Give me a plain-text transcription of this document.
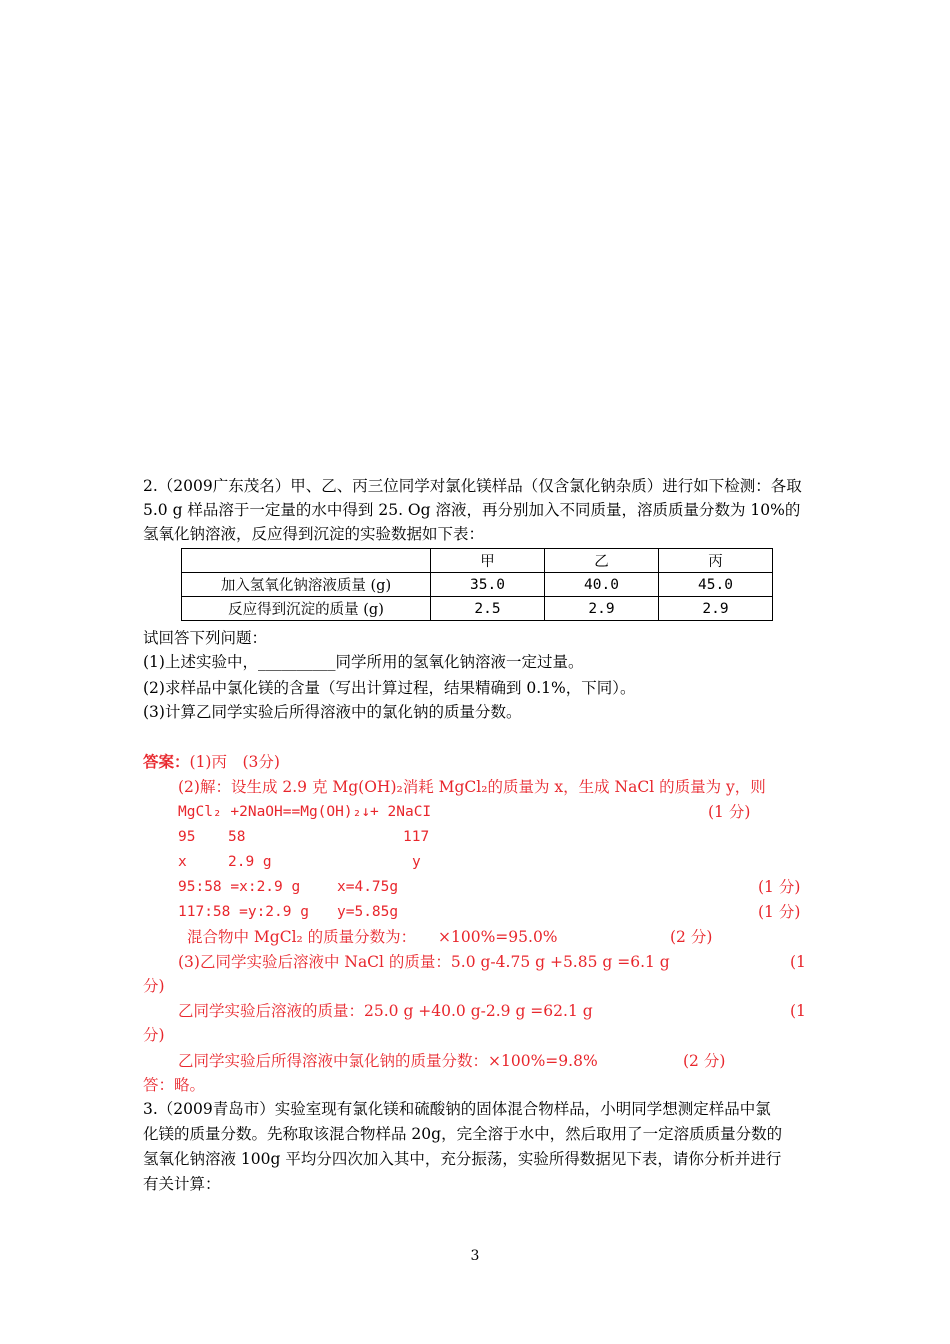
2.（2009广东茂名）甲、乙、丙三位同学对氯化镁样品（仅含氯化钠杂质）进行如下检测：各取
5.0 g 样品溶于一定量的水中得到 25. Og 溶液，再分别加入不同质量，溶质质量分数为 10%的
氢氧化钠溶液，反应得到沉淀的实验数据如下表：
	甲	乙	丙
加入氢氧化钠溶液质量 (g)	35.0	40.0	45.0
反应得到沉淀的质量 (g)	2.5	2.9	2.9
试回答下列问题：
(1)上述实验中，__________同学所用的氢氧化钠溶液一定过量。
(2)求样品中氯化镁的含量（写出计算过程，结果精确到 0.1%，下同）。
(3)计算乙同学实验后所得溶液中的氯化钠的质量分数。
答案：(1)丙　(3分)
(2)解：设生成 2.9 克 Mg(OH)₂消耗 MgCl₂的质量为 x，生成 NaCl 的质量为 y，则
MgCl₂ +2NaOH==Mg(OH)₂↓+ 2NaCI	(1 分)
95 58	117
x	2.9 g	y
95:58 =x:2.9 g	x=4.75g	(1 分)
117:58 =y:2.9 g y=5.85g	(1 分)
混合物中 MgCl₂ 的质量分数为： ×100%=95.0%	(2 分)
(3)乙同学实验后溶液中 NaCl 的质量：5.0 g-4.75 g +5.85 g =6.1 g	(1
分)
乙同学实验后溶液的质量：25.0 g +40.0 g-2.9 g =62.1 g	(1
分)
乙同学实验后所得溶液中氯化钠的质量分数：×100%=9.8%	(2 分)
答：略。
3.（2009青岛市）实验室现有氯化镁和硫酸钠的固体混合物样品，小明同学想测定样品中氯
化镁的质量分数。先称取该混合物样品 20g，完全溶于水中，然后取用了一定溶质质量分数的
氢氧化钠溶液 100g 平均分四次加入其中，充分振荡，实验所得数据见下表，请你分析并进行
有关计算：
3
